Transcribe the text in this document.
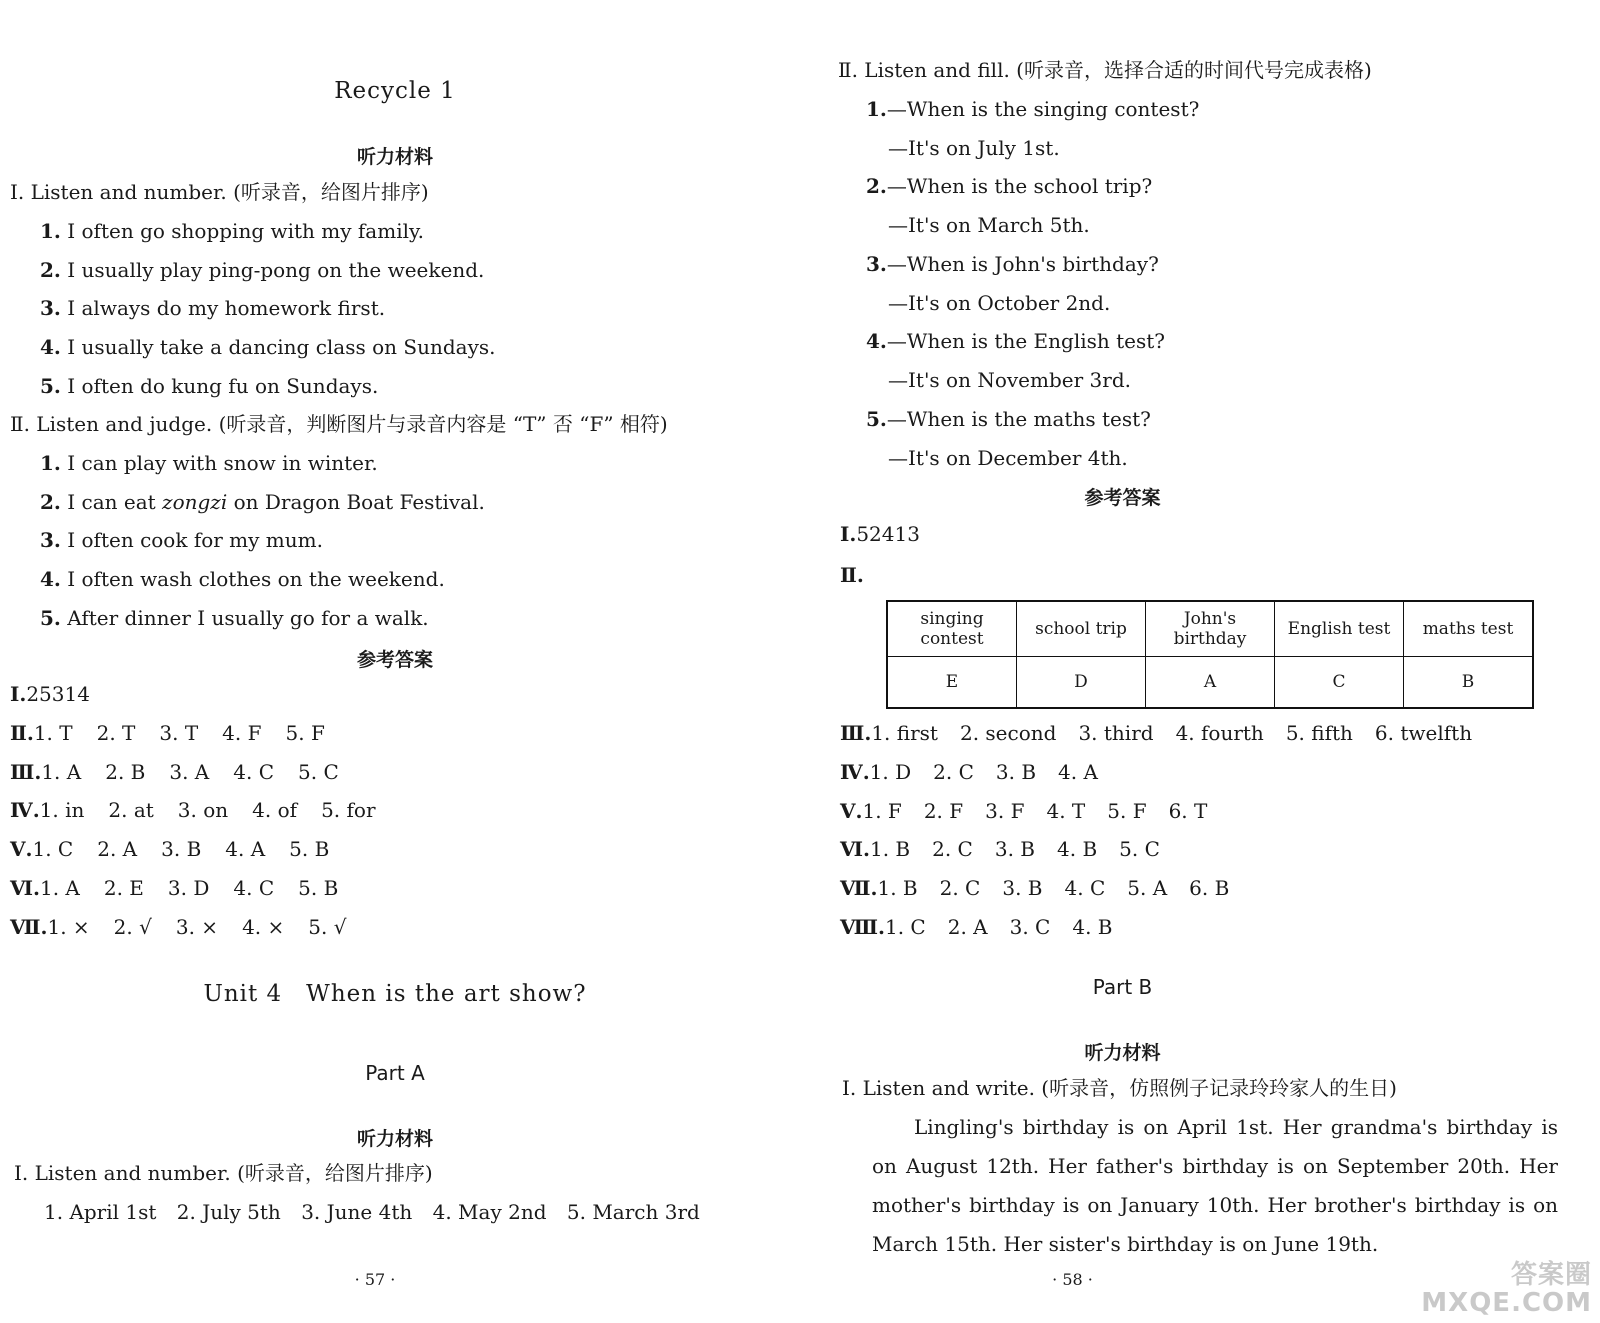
Recycle 1
听力材料
Ⅰ. Listen and number. (听录音，给图片排序)
1. I often go shopping with my family.
2. I usually play ping-pong on the weekend.
3. I always do my homework first.
4. I usually take a dancing class on Sundays.
5. I often do kung fu on Sundays.
Ⅱ. Listen and judge. (听录音，判断图片与录音内容是 “T” 否 “F” 相符)
1. I can play with snow in winter.
2. I can eat zongzi on Dragon Boat Festival.
3. I often cook for my mum.
4. I often wash clothes on the weekend.
5. After dinner I usually go for a walk.
参考答案
Ⅰ.25314
Ⅱ.1. T 2. T 3. T 4. F 5. F
Ⅲ.1. A 2. B 3. A 4. C 5. C
Ⅳ.1. in 2. at 3. on 4. of 5. for
Ⅴ.1. C 2. A 3. B 4. A 5. B
Ⅵ.1. A 2. E 3. D 4. C 5. B
Ⅶ.1. × 2. √ 3. × 4. × 5. √
Unit 4　When is the art show?
Part A
听力材料
Ⅰ. Listen and number. (听录音，给图片排序)
1. April 1st 2. July 5th 3. June 4th 4. May 2nd 5. March 3rd
· 57 ·
Ⅱ. Listen and fill. (听录音，选择合适的时间代号完成表格)
1.—When is the singing contest?
—It's on July 1st.
2.—When is the school trip?
—It's on March 5th.
3.—When is John's birthday?
—It's on October 2nd.
4.—When is the English test?
—It's on November 3rd.
5.—When is the maths test?
—It's on December 4th.
参考答案
Ⅰ.52413
Ⅱ.
singing contest	school trip	John's birthday	English test	maths test
E	D	A	C	B
Ⅲ.1. first 2. second 3. third 4. fourth 5. fifth 6. twelfth
Ⅳ.1. D 2. C 3. B 4. A
Ⅴ.1. F 2. F 3. F 4. T 5. F 6. T
Ⅵ.1. B 2. C 3. B 4. B 5. C
Ⅶ.1. B 2. C 3. B 4. C 5. A 6. B
Ⅷ.1. C 2. A 3. C 4. B
Part B
听力材料
Ⅰ. Listen and write. (听录音，仿照例子记录玲玲家人的生日)
Lingling's birthday is on April 1st. Her grandma's birthday is on August 12th. Her father's birthday is on September 20th. Her mother's birthday is on January 10th. Her brother's birthday is on March 15th. Her sister's birthday is on June 19th.
· 58 ·	答案圈
MXQE.COM
